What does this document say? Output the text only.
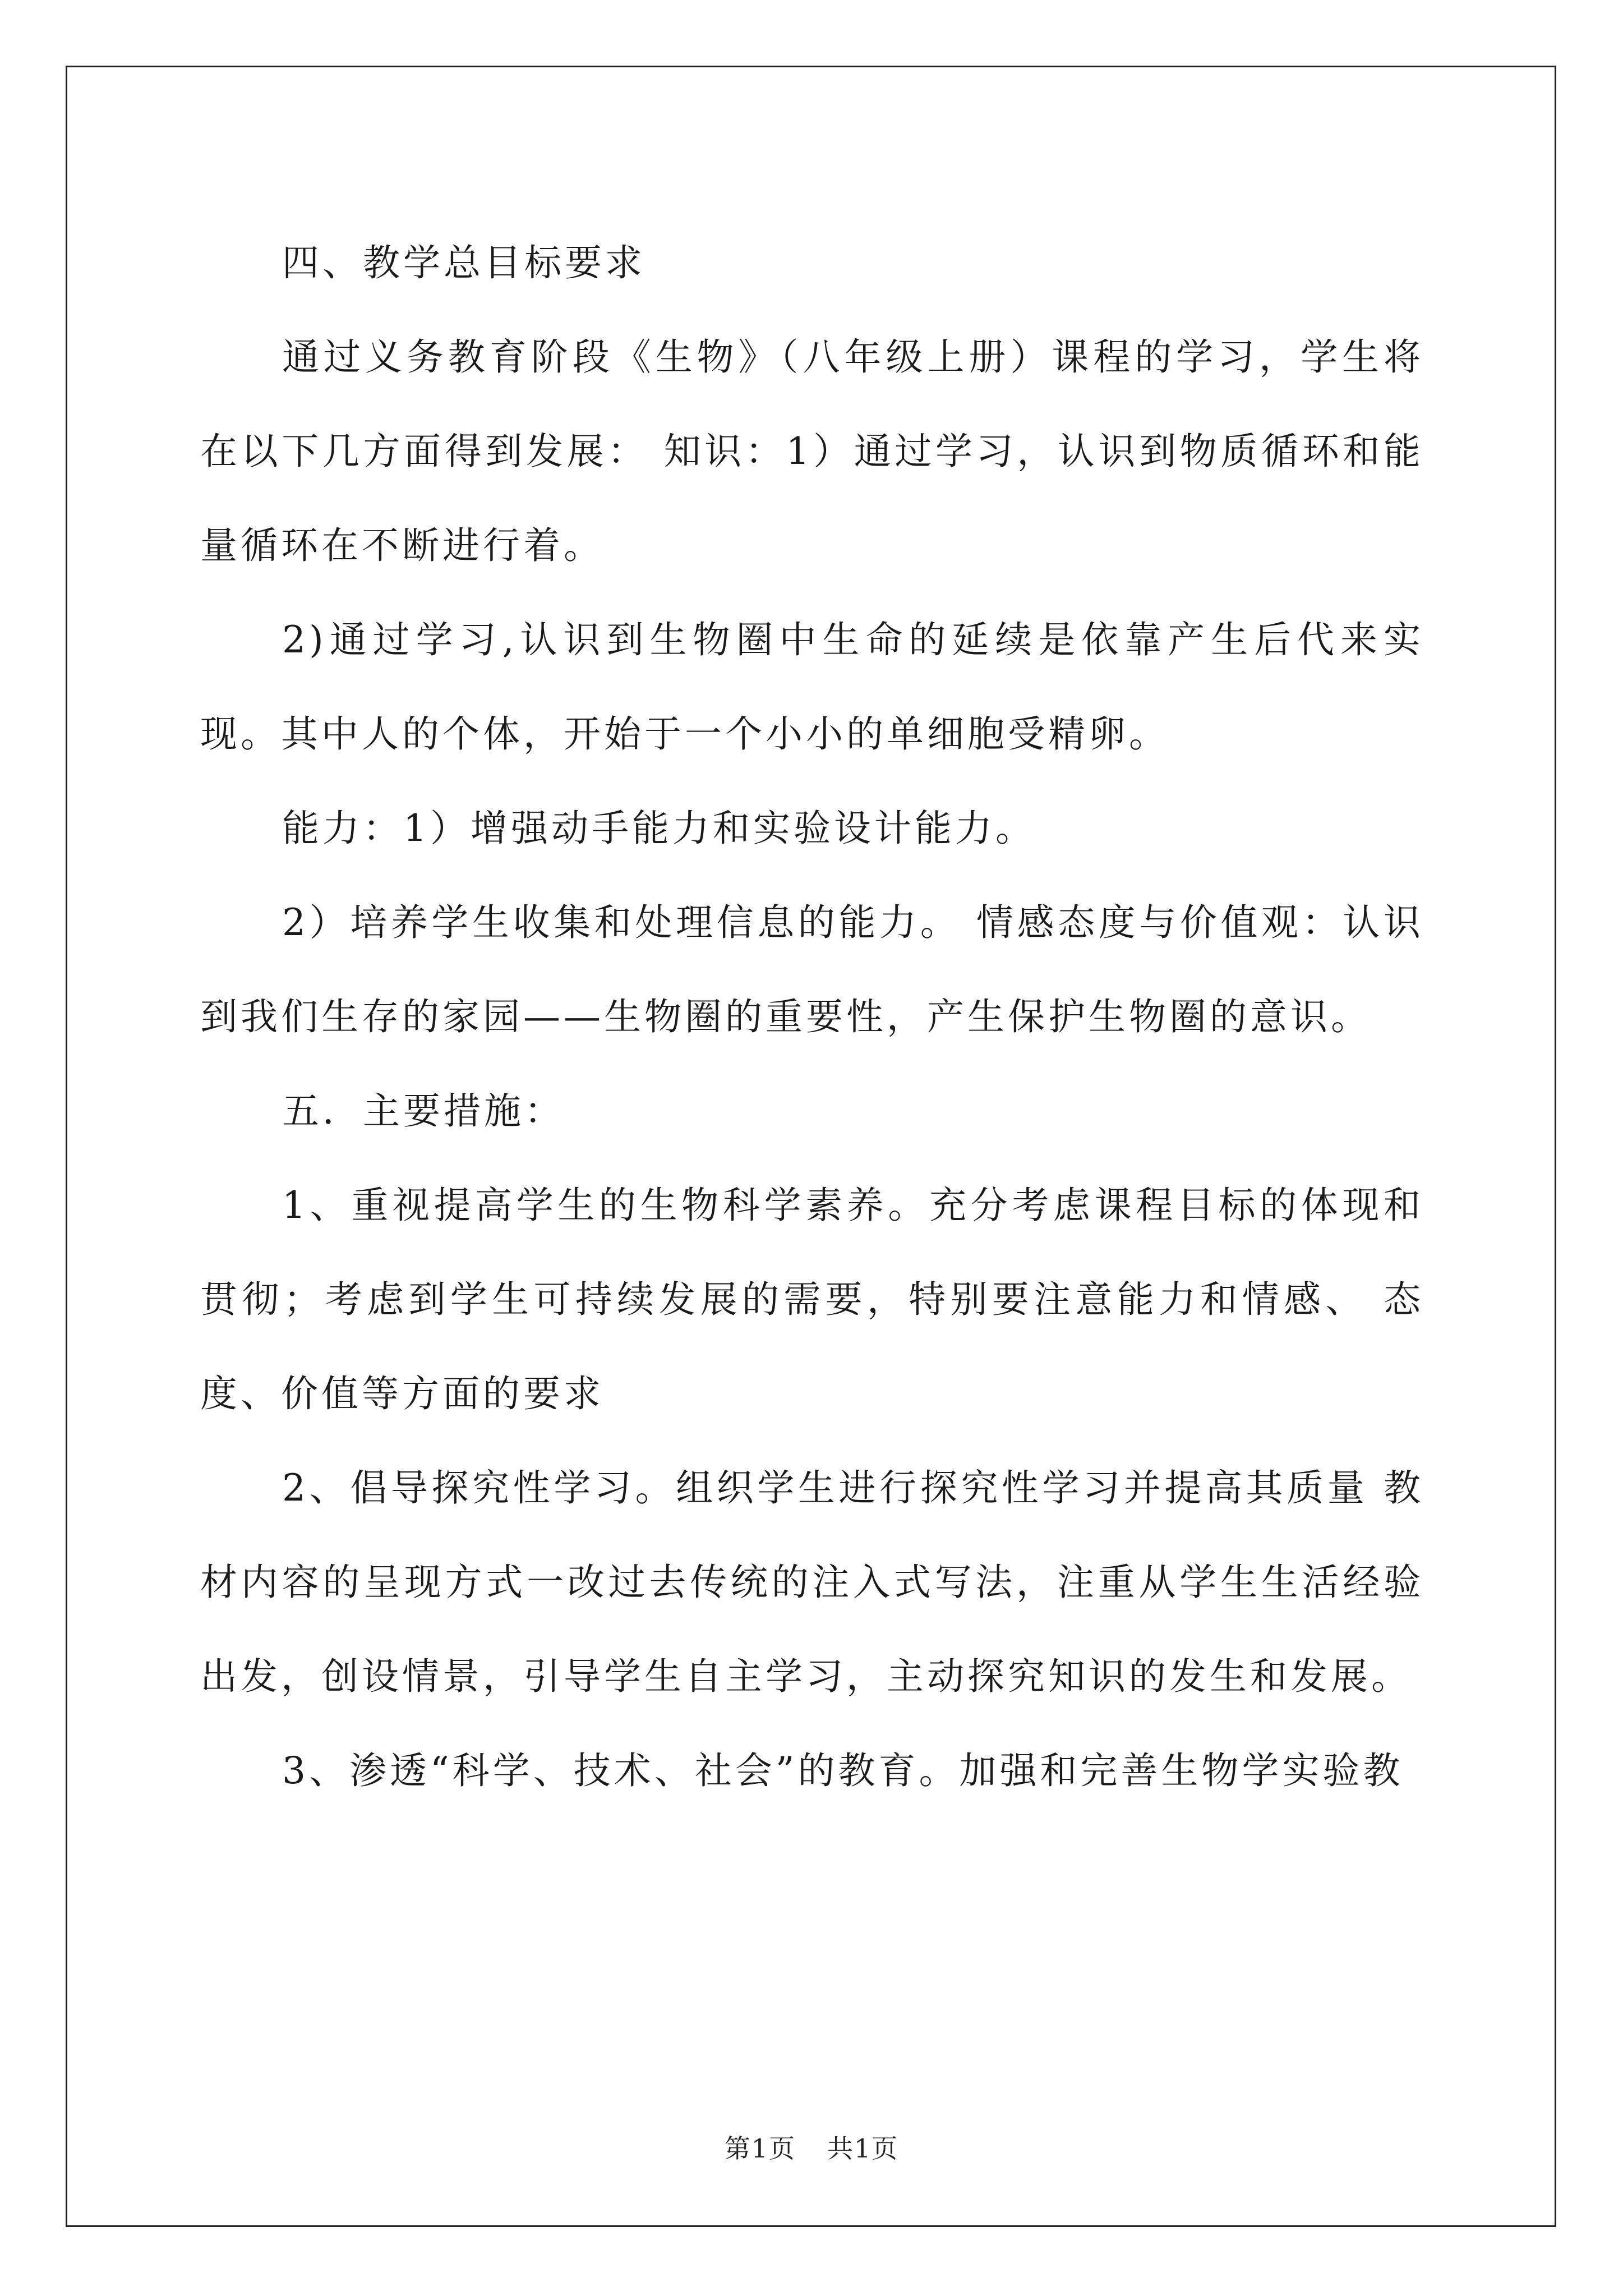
四、教学总目标要求

通过义务教育阶段《生物》（八年级上册）课程的学习，学生将在以下几方面得到发展： 知识：1）通过学习，认识到物质循环和能量循环在不断进行着。

2)通过学习,认识到生物圈中生命的延续是依靠产生后代来实现。其中人的个体，开始于一个小小的单细胞受精卵。

能力：1）增强动手能力和实验设计能力。

2）培养学生收集和处理信息的能力。 情感态度与价值观：认识到我们生存的家园——生物圈的重要性，产生保护生物圈的意识。

五．主要措施：

1、重视提高学生的生物科学素养。充分考虑课程目标的体现和贯彻；考虑到学生可持续发展的需要，特别要注意能力和情感、 态度、价值等方面的要求

2、倡导探究性学习。组织学生进行探究性学习并提高其质量 教材内容的呈现方式一改过去传统的注入式写法，注重从学生生活经验出发，创设情景，引导学生自主学习，主动探究知识的发生和发展。

3、渗透“科学、技术、社会”的教育。加强和完善生物学实验教

第1页 共1页
